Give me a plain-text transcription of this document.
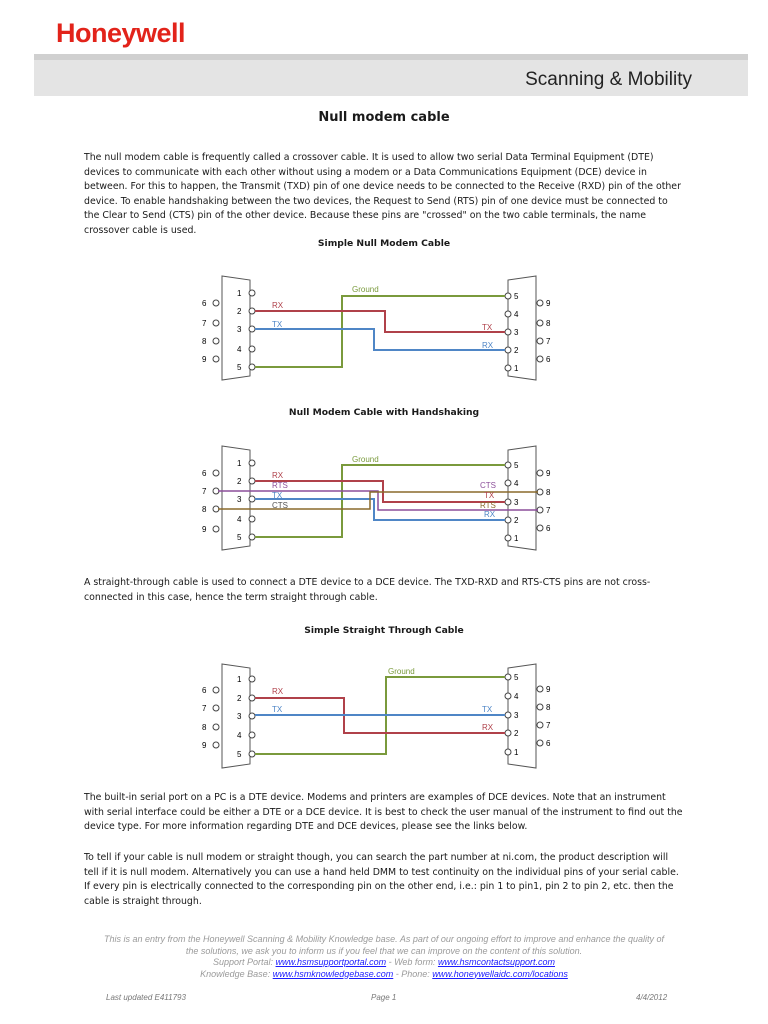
Honeywell
Scanning & Mobility
Null modem cable
The null modem cable is frequently called a crossover cable. It is used to allow two serial Data Terminal Equipment (DTE) devices to communicate with each other without using a modem or a Data Communications Equipment (DCE) device in between. For this to happen, the Transmit (TXD) pin of one device needs to be connected to the Receive (RXD) pin of the other device. To enable handshaking between the two devices, the Request to Send (RTS) pin of one device must be connected to the Clear to Send (CTS) pin of the other device. Because these pins are "crossed" on the two cable terminals, the name crossover cable is used.
Simple Null Modem Cable
1
6
2
7
3
8
4
9
5
5
9
4
8
3
7
2
6
1
Ground
RX
TX	TX
RX
Null Modem Cable with Handshaking
1
6
2
7
3
8
4
9
5
5
9
4
8
3
7
2
6
1
Ground
RX
RTS
TX
CTS
CTS
TX
RTS
RX
A straight-through cable is used to connect a DTE device to a DCE device. The TXD-RXD and RTS-CTS pins are not cross-connected in this case, hence the term straight through cable.
Simple Straight Through Cable
1
6
2
7
3
8
4
9
5
5
9
4
8
3
7
2
6
1
Ground
RX
TX	TX
RX
The built-in serial port on a PC is a DTE device. Modems and printers are examples of DCE devices. Note that an instrument with serial interface could be either a DTE or a DCE device. It is best to check the user manual of the instrument to find out the device type. For more information regarding DTE and DCE devices, please see the links below.
To tell if your cable is null modem or straight though, you can search the part number at ni.com, the product description will tell if it is null modem. Alternatively you can use a hand held DMM to test continuity on the individual pins of your serial cable. If every pin is electrically connected to the corresponding pin on the other end, i.e.: pin 1 to pin1, pin 2 to pin 2, etc. then the cable is straight through.
This is an entry from the Honeywell Scanning & Mobility Knowledge base. As part of our ongoing effort to improve and enhance the quality of
the solutions, we ask you to inform us if you feel that we can improve on the content of this solution.
Support Portal: www.hsmsupportportal.com - Web form: www.hsmcontactsupport.com
Knowledge Base: www.hsmknowledgebase.com - Phone: www.honeywellaidc.com/locations
Last updated E411793	Page 1	4/4/2012
